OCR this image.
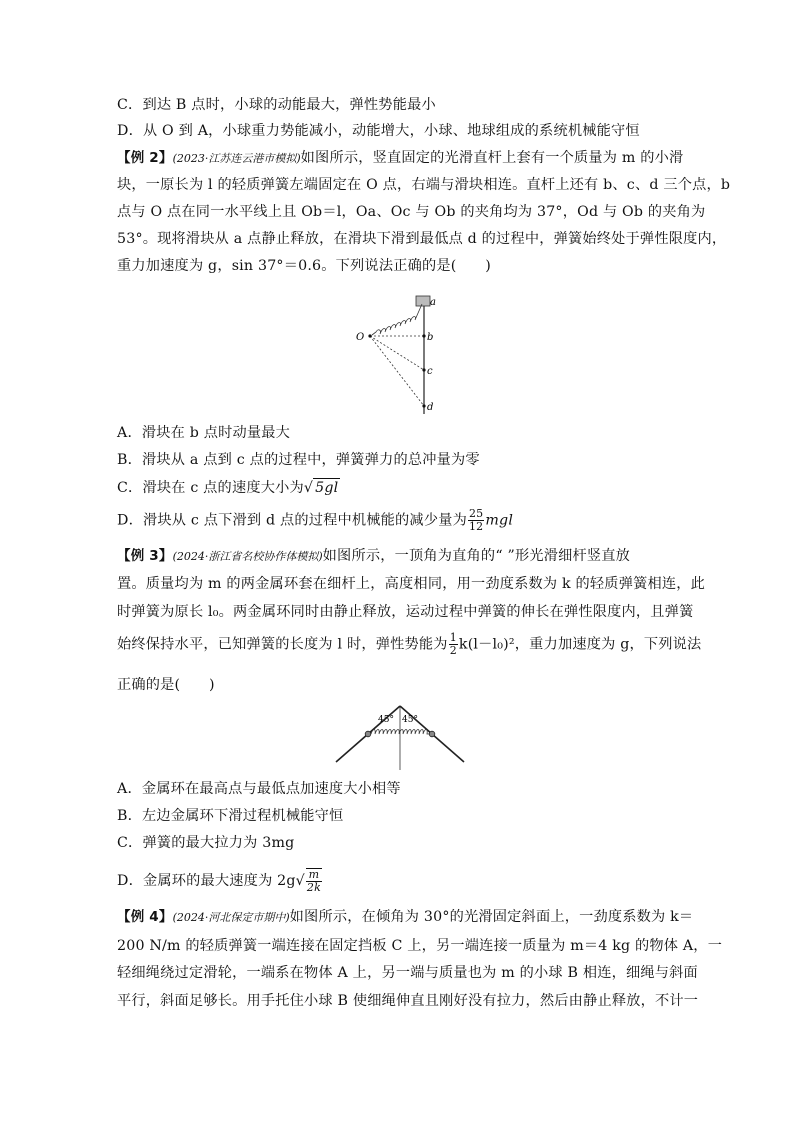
C．到达 B 点时，小球的动能最大，弹性势能最小
D．从 O 到 A，小球重力势能减小，动能增大，小球、地球组成的系统机械能守恒
【例 2】(2023·江苏连云港市模拟)如图所示，竖直固定的光滑直杆上套有一个质量为 m 的小滑
块，一原长为 l 的轻质弹簧左端固定在 O 点，右端与滑块相连。直杆上还有 b、c、d 三个点，b
点与 O 点在同一水平线上且 Ob＝l，Oa、Oc 与 Ob 的夹角均为 37°，Od 与 Ob 的夹角为
53°。现将滑块从 a 点静止释放，在滑块下滑到最低点 d 的过程中，弹簧始终处于弹性限度内，
重力加速度为 g，sin 37°＝0.6。下列说法正确的是(　　)
O
a
b
c
d
A．滑块在 b 点时动量最大
B．滑块从 a 点到 c 点的过程中，弹簧弹力的总冲量为零
C．滑块在 c 点的速度大小为√ 5gl
D．滑块从 c 点下滑到 d 点的过程中机械能的减少量为 $\frac{25}{12}$ mgl
【例 3】(2024·浙江省名校协作体模拟)如图所示，一顶角为直角的“ ”形光滑细杆竖直放
置。质量均为 m 的两金属环套在细杆上，高度相同，用一劲度系数为 k 的轻质弹簧相连，此
时弹簧为原长 l₀。两金属环同时由静止释放，运动过程中弹簧的伸长在弹性限度内，且弹簧
始终保持水平，已知弹簧的长度为 l 时，弹性势能为 $\frac{1}{2} k(l-l_0)^2$，重力加速度为 g，下列说法
正确的是(　　)
45° 45°
A．金属环在最高点与最低点加速度大小相等
B．左边金属环下滑过程机械能守恒
C．弹簧的最大拉力为 3mg
D．金属环的最大速度为 $2g√ \frac{m}{2k}$
【例 4】(2024·河北保定市期中)如图所示，在倾角为 30°的光滑固定斜面上，一劲度系数为 k＝
200 N/m 的轻质弹簧一端连接在固定挡板 C 上，另一端连接一质量为 m＝4 kg 的物体 A，一
轻细绳绕过定滑轮，一端系在物体 A 上，另一端与质量也为 m 的小球 B 相连，细绳与斜面
平行，斜面足够长。用手托住小球 B 使细绳伸直且刚好没有拉力，然后由静止释放，不计一
